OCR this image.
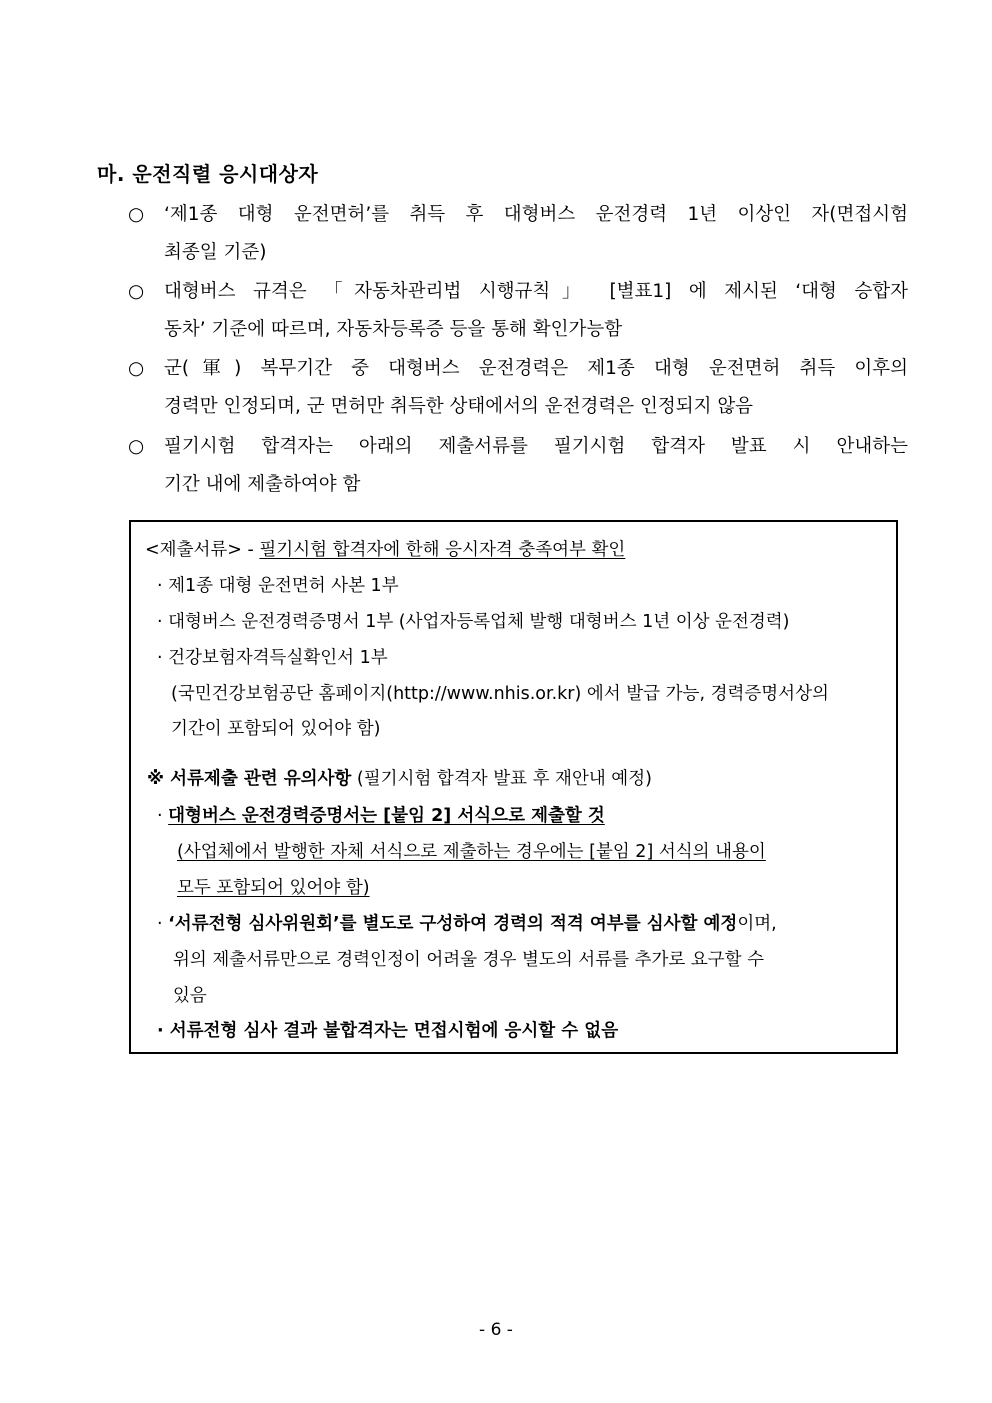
마. 운전직렬 응시대상자
○	‘제1종 대형 운전면허’를 취득 후 대형버스 운전경력 1년 이상인 자(면접시험
최종일 기준)
○	대형버스 규격은 「자동차관리법 시행규칙」 [별표1] 에 제시된 ‘대형 승합자
동차’ 기준에 따르며, 자동차등록증 등을 통해 확인가능함
○	군(軍) 복무기간 중 대형버스 운전경력은 제1종 대형 운전면허 취득 이후의
경력만 인정되며, 군 면허만 취득한 상태에서의 운전경력은 인정되지 않음
○	필기시험 합격자는 아래의 제출서류를 필기시험 합격자 발표 시 안내하는
기간 내에 제출하여야 함
<제출서류> - 필기시험 합격자에 한해 응시자격 충족여부 확인
· 제1종 대형 운전면허 사본 1부
· 대형버스 운전경력증명서 1부 (사업자등록업체 발행 대형버스 1년 이상 운전경력)
· 건강보험자격득실확인서 1부
(국민건강보험공단 홈페이지(http://www.nhis.or.kr) 에서 발급 가능, 경력증명서상의
기간이 포함되어 있어야 함)
※ 서류제출 관련 유의사항 (필기시험 합격자 발표 후 재안내 예정)
· 대형버스 운전경력증명서는 [붙임 2] 서식으로 제출할 것
(사업체에서 발행한 자체 서식으로 제출하는 경우에는 [붙임 2] 서식의 내용이
모두 포함되어 있어야 함)
· ‘서류전형 심사위원회’를 별도로 구성하여 경력의 적격 여부를 심사할 예정이며,
위의 제출서류만으로 경력인정이 어려울 경우 별도의 서류를 추가로 요구할 수
있음
· 서류전형 심사 결과 불합격자는 면접시험에 응시할 수 없음
- 6 -
